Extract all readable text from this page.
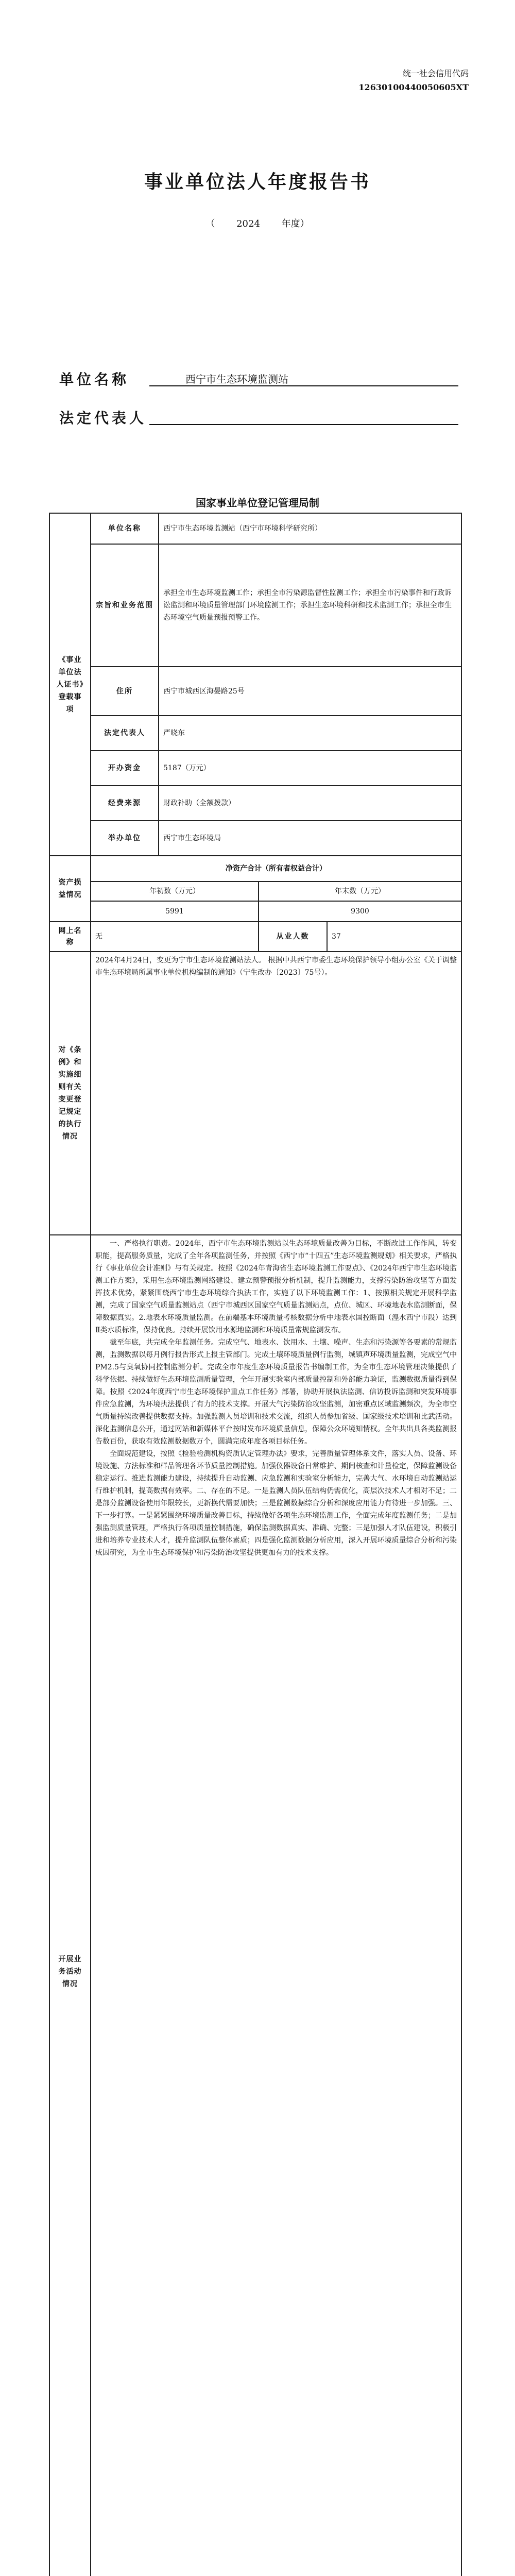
统一社会信用代码
12630100440050605XT
事业单位法人年度报告书
（ 2024 年度）
单位名称	西宁市生态环境监测站
法定代表人
国家事业单位登记管理局制
《事业单位法人证书》登载事项	单位名称	西宁市生态环境监测站（西宁市环境科学研究所）		
	宗旨和业务范围	承担全市生态环境监测工作；承担全市污染源监督性监测工作；承担全市污染事件和行政诉讼监测和环境质量管理部门环境监测工作；承担生态环境科研和技术监测工作；承担全市生态环境空气质量预报预警工作。		
	住所	西宁市城西区海晏路25号		
	法定代表人	严晓东		
	开办资金	5187（万元）		
	经费来源	财政补助（全额拨款）		
	举办单位	西宁市生态环境局		
资产损益情况	净资产合计（所有者权益合计）			
	年初数（万元）		年末数（万元）	
	5991		9300	
网上名称	无		从业人数	37
对《条例》和实施细则有关变更登记规定的执行情况	2024年4月24日，变更为宁市生态环境监测站法人。 根据中共西宁市委生态环境保护领导小组办公室《关于调整市生态环境局所属事业单位机构编制的通知》（宁生改办〔2023〕75号）。			
开展业务活动情况	一、严格执行职责。2024年，西宁市生态环境监测站以生态环境质量改善为目标，不断改进工作作风，转变职能，提高服务质量，完成了全年各项监测任务，并按照《西宁市“十四五”生态环境监测规划》相关要求，严格执行《事业单位会计准则》与有关规定。按照《2024年青海省生态环境监测工作要点》、《2024年西宁市生态环境监测工作方案》，采用生态环境监测网络建设、建立预警预报分析机制，提升监测能力，支撑污染防治攻坚等方面发挥技术优势，紧紧围绕西宁市生态环境综合执法工作，实施了以下环境监测工作：1、按照相关规定开展科学监测，完成了国家空气质量监测站点（西宁市城西区国家空气质量监测站点，点位、城区、环境地表水监测断面，保障数据真实。2.地表水环境质量监测。在前端基本环境质量考核数据分析中地表水国控断面（湟水西宁市段）达到Ⅱ类水质标准，保持优良。持续开展饮用水源地监测和环境质量常规监测发布。

截至年底，共完成全年监测任务。完成空气、地表水、饮用水、土壤、噪声、生态和污染源等各要素的常规监测，监测数据以每月例行报告形式上报主管部门。完成土壤环境质量例行监测，城镇声环境质量监测，完成空气中PM2.5与臭氧协同控制监测分析。完成全市年度生态环境质量报告书编制工作，为全市生态环境管理决策提供了科学依据。持续做好生态环境监测质量管理，全年开展实验室内部质量控制和外部能力验证，监测数据质量得到保障。按照《2024年度西宁市生态环境保护重点工作任务》部署，协助开展执法监测、信访投诉监测和突发环境事件应急监测，为环境执法提供了有力的技术支撑。开展大气污染防治攻坚监测，加密重点区域监测频次，为全市空气质量持续改善提供数据支持。加强监测人员培训和技术交流，组织人员参加省级、国家级技术培训和比武活动。深化监测信息公开，通过网站和新媒体平台按时发布环境质量信息，保障公众环境知情权。全年共出具各类监测报告数百份，获取有效监测数据数万个，圆满完成年度各项目标任务。

全面规范建设，按照《检验检测机构资质认定管理办法》要求，完善质量管理体系文件，落实人员、设备、环境设施、方法标准和样品管理各环节质量控制措施。加强仪器设备日常维护、期间核查和计量检定，保障监测设备稳定运行。推进监测能力建设，持续提升自动监测、应急监测和实验室分析能力，完善大气、水环境自动监测站运行维护机制，提高数据有效率。二、存在的不足。一是监测人员队伍结构仍需优化，高层次技术人才相对不足；二是部分监测设备使用年限较长，更新换代需要加快；三是监测数据综合分析和深度应用能力有待进一步加强。三、下一步打算。一是紧紧围绕环境质量改善目标，持续做好各项生态环境监测工作，全面完成年度监测任务；二是加强监测质量管理，严格执行各项质量控制措施，确保监测数据真实、准确、完整；三是加强人才队伍建设，积极引进和培养专业技术人才，提升监测队伍整体素质；四是强化监测数据分析应用，深入开展环境质量综合分析和污染成因研究，为全市生态环境保护和污染防治攻坚提供更加有力的技术支撑。			
